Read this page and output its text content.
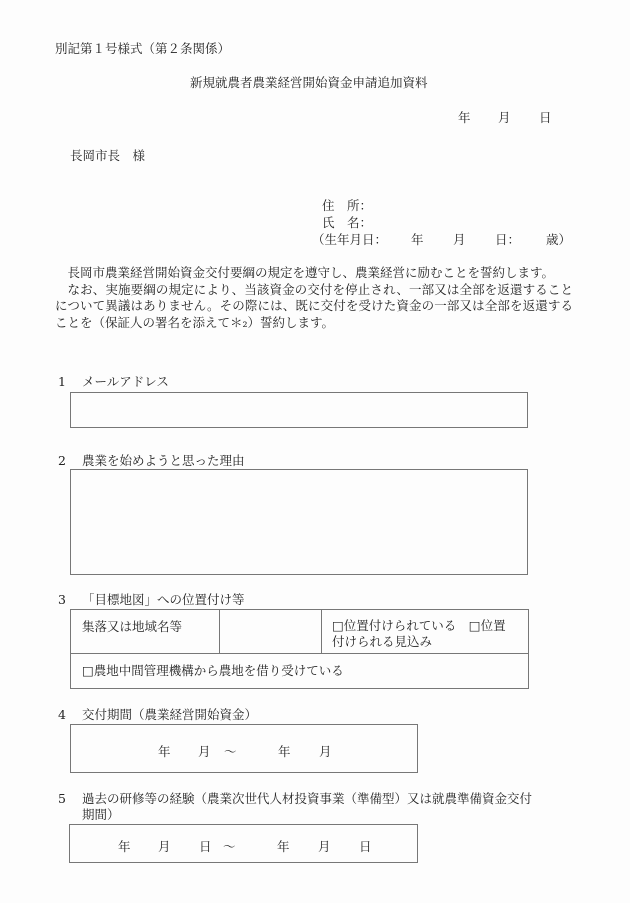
別記第１号様式（第２条関係）
新規就農者農業経営開始資金申請追加資料
年 月 日
長岡市長　様
住　所：
氏　名：
（生年月日： 年 月 日： 歳）

長岡市農業経営開始資金交付要綱の規定を遵守し、農業経営に励むことを誓約します。

なお、実施要綱の規定により、当該資金の交付を停止され、一部又は全部を返還することについて異議はありません。その際には、既に交付を受けた資金の一部又は全部を返還することを（保証人の署名を添えて＊₂）誓約します。

1 メールアドレス
2 農業を始めようと思った理由
3 「目標地図」への位置付け等
集落又は地域名等	□位置付けられている　□位置
付けられる見込み
□農地中間管理機構から農地を借り受けている
4 交付期間（農業経営開始資金）
年 月 ～	年 月
5 過去の研修等の経験（農業次世代人材投資事業（準備型）又は就農準備資金交付
期間）
年 月 日 ～	年 月 日
